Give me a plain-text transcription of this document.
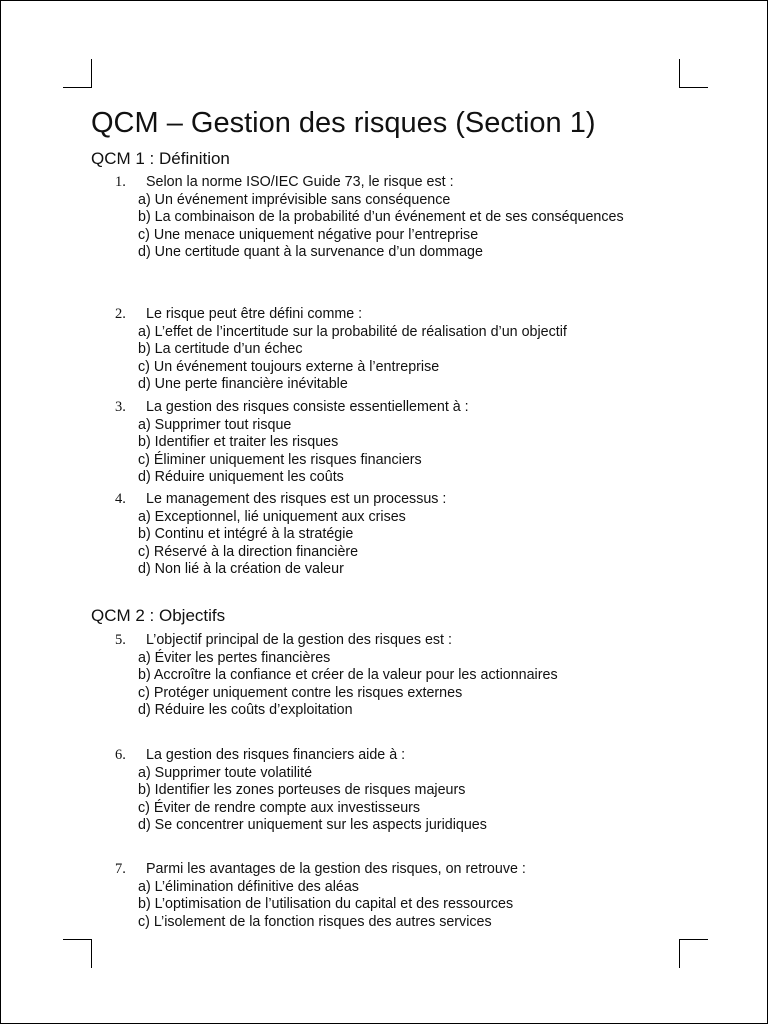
QCM – Gestion des risques (Section 1)
QCM 1 : Définition
1. Selon la norme ISO/IEC Guide 73, le risque est :
a) Un événement imprévisible sans conséquence
b) La combinaison de la probabilité d’un événement et de ses conséquences
c) Une menace uniquement négative pour l’entreprise
d) Une certitude quant à la survenance d’un dommage
2. Le risque peut être défini comme :
a) L’effet de l’incertitude sur la probabilité de réalisation d’un objectif
b) La certitude d’un échec
c) Un événement toujours externe à l’entreprise
d) Une perte financière inévitable
3. La gestion des risques consiste essentiellement à :
a) Supprimer tout risque
b) Identifier et traiter les risques
c) Éliminer uniquement les risques financiers
d) Réduire uniquement les coûts
4. Le management des risques est un processus :
a) Exceptionnel, lié uniquement aux crises
b) Continu et intégré à la stratégie
c) Réservé à la direction financière
d) Non lié à la création de valeur
QCM 2 : Objectifs
5. L’objectif principal de la gestion des risques est :
a) Éviter les pertes financières
b) Accroître la confiance et créer de la valeur pour les actionnaires
c) Protéger uniquement contre les risques externes
d) Réduire les coûts d’exploitation
6. La gestion des risques financiers aide à :
a) Supprimer toute volatilité
b) Identifier les zones porteuses de risques majeurs
c) Éviter de rendre compte aux investisseurs
d) Se concentrer uniquement sur les aspects juridiques
7. Parmi les avantages de la gestion des risques, on retrouve :
a) L’élimination définitive des aléas
b) L’optimisation de l’utilisation du capital et des ressources
c) L’isolement de la fonction risques des autres services
